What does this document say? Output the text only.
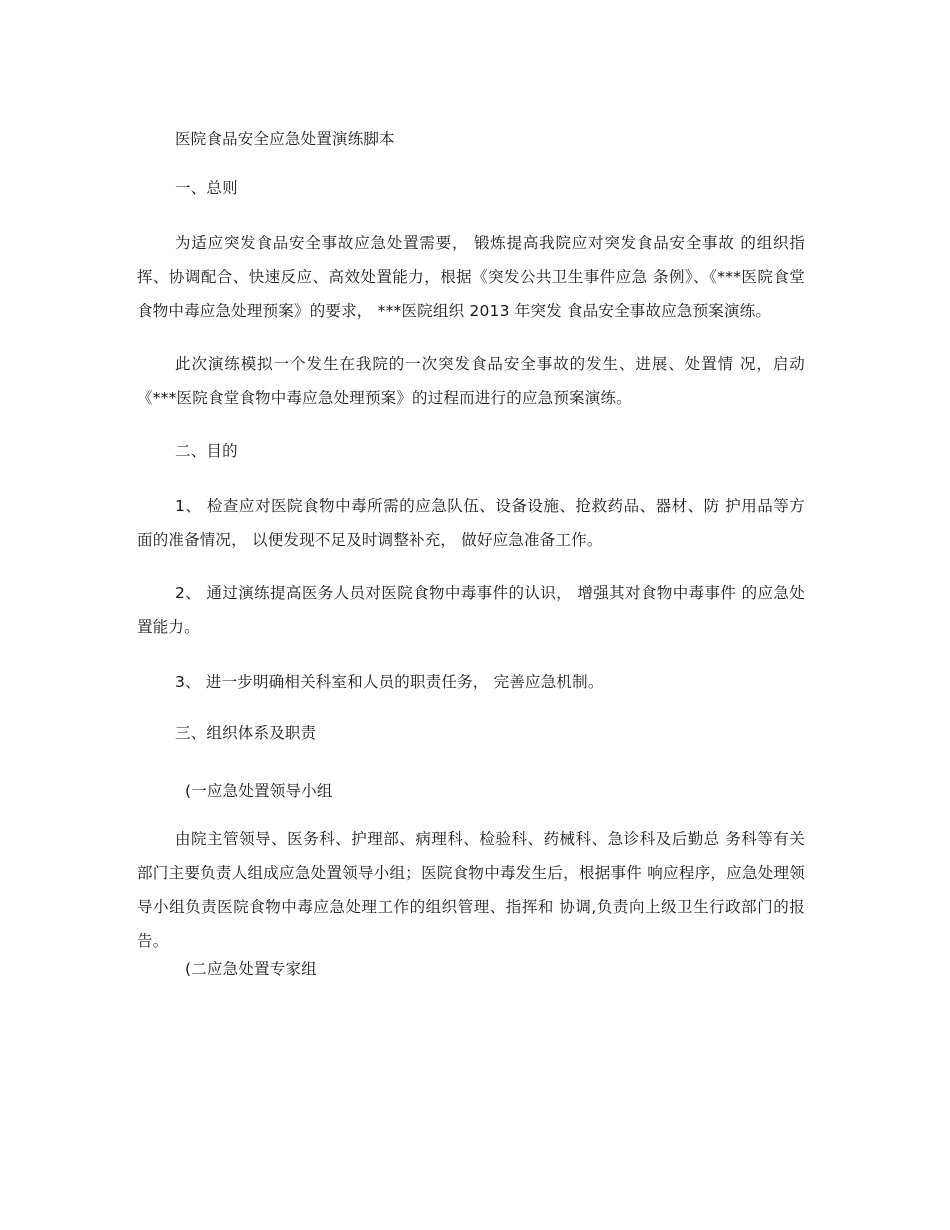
医院食品安全应急处置演练脚本
一、总则
为适应突发食品安全事故应急处置需要， 锻炼提高我院应对突发食品安全事故 的组织指挥、协调配合、快速反应、高效处置能力，根据《突发公共卫生事件应急 条例》、《***医院食堂食物中毒应急处理预案》的要求， ***医院组织 2013 年突发 食品安全事故应急预案演练。
此次演练模拟一个发生在我院的一次突发食品安全事故的发生、进展、处置情 况，启动《***医院食堂食物中毒应急处理预案》的过程而进行的应急预案演练。
二、目的
1、 检查应对医院食物中毒所需的应急队伍、设备设施、抢救药品、器材、防 护用品等方面的准备情况， 以便发现不足及时调整补充， 做好应急准备工作。
2、 通过演练提高医务人员对医院食物中毒事件的认识， 增强其对食物中毒事件 的应急处置能力。
3、 进一步明确相关科室和人员的职责任务， 完善应急机制。
三、组织体系及职责
(一应急处置领导小组
由院主管领导、医务科、护理部、病理科、检验科、药械科、急诊科及后勤总 务科等有关部门主要负责人组成应急处置领导小组；医院食物中毒发生后，根据事件 响应程序，应急处理领导小组负责医院食物中毒应急处理工作的组织管理、指挥和 协调,负责向上级卫生行政部门的报告。
(二应急处置专家组
